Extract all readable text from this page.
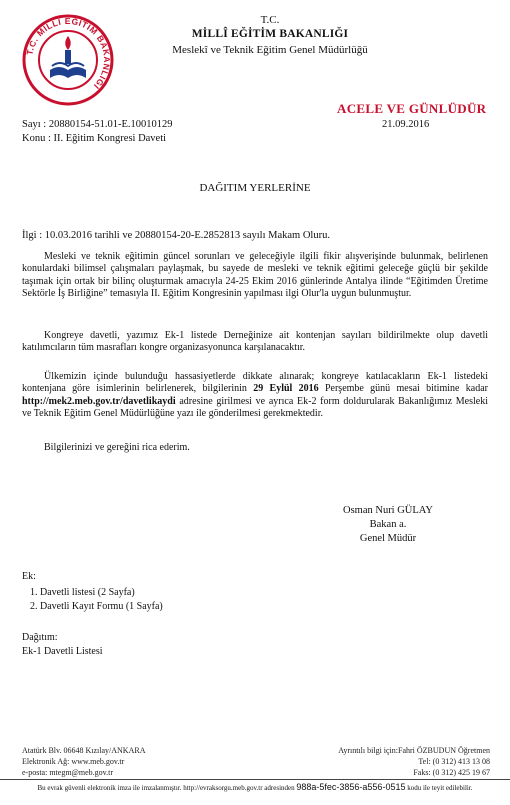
T.C. MİLLÎ EĞİTİM BAKANLIĞI
T.C.
MİLLÎ EĞİTİM BAKANLIĞI
Meslekî ve Teknik Eğitim Genel Müdürlüğü
ACELE VE GÜNLÜDÜR
Sayı : 20880154-51.01-E.10010129	21.09.2016
Konu : II. Eğitim Kongresi Daveti
DAĞITIM YERLERİNE
İlgi : 10.03.2016 tarihli ve 20880154-20-E.2852813 sayılı Makam Oluru.
Mesleki ve teknik eğitimin güncel sorunları ve geleceğiyle ilgili fikir alışverişinde bulunmak, belirlenen konulardaki bilimsel çalışmaları paylaşmak, bu sayede de mesleki ve teknik eğitimi geleceğe güçlü bir şekilde taşımak için ortak bir bilinç oluşturmak amacıyla 24-25 Ekim 2016 günlerinde Antalya ilinde “Eğitimden Üretime Sektörle İş Birliğine” temasıyla II. Eğitim Kongresinin yapılması ilgi Olur'la uygun bulunmuştur.
Kongreye davetli, yazımız Ek-1 listede Derneğinize ait kontenjan sayıları bildirilmekte olup davetli katılımcıların tüm masrafları kongre organizasyonunca karşılanacaktır.
Ülkemizin içinde bulunduğu hassasiyetlerde dikkate alınarak; kongreye katılacakların Ek-1 listedeki kontenjana göre isimlerinin belirlenerek, bilgilerinin 29 Eylül 2016 Perşembe günü mesai bitimine kadar http://mek2.meb.gov.tr/davetlikaydi adresine girilmesi ve ayrıca Ek-2 form doldurularak Bakanlığımız Mesleki ve Teknik Eğitim Genel Müdürlüğüne yazı ile gönderilmesi gerekmektedir.
Bilgilerinizi ve gereğini rica ederim.
Osman Nuri GÜLAY
Bakan a.
Genel Müdür
Ek:
1. Davetli listesi (2 Sayfa)
2. Davetli Kayıt Formu (1 Sayfa)
Dağıtım:
Ek-1 Davetli Listesi
Atatürk Blv. 06648 Kızılay/ANKARA
Elektronik Ağ: www.meb.gov.tr
e-posta: mtegm@meb.gov.tr
Ayrıntılı bilgi için:Fahri ÖZBUDUN Öğretmen
Tel: (0 312) 413 13 08
Faks: (0 312) 425 19 67
Bu evrak güvenli elektronik imza ile imzalanmıştır. http://evraksorgu.meb.gov.tr adresinden 988a-5fec-3856-a556-0515 kodu ile teyit edilebilir.
